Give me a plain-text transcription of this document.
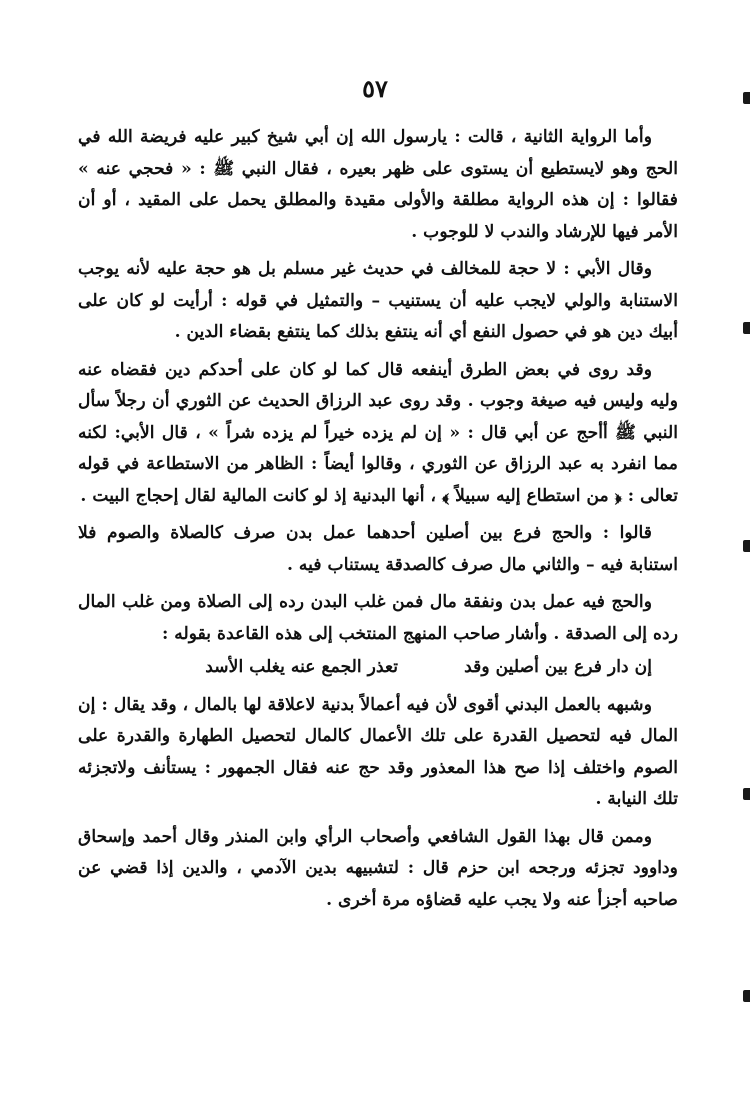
٥٧

وأما الرواية الثانية ، قالت : يارسول الله إن أبي شيخ كبير عليه فريضة الله في الحج وهو لايستطيع أن يستوى على ظهر بعيره ، فقال النبي ﷺ : « فحجي عنه » فقالوا : إن هذه الرواية مطلقة والأولى مقيدة والمطلق يحمل على المقيد ، أو أن الأمر فيها للإرشاد والندب لا للوجوب .

وقال الأبي : لا حجة للمخالف في حديث غير مسلم بل هو حجة عليه لأنه يوجب الاستنابة والولي لايجب عليه أن يستنيب – والتمثيل في قوله : أرأيت لو كان على أبيك دين هو في حصول النفع أي أنه ينتفع بذلك كما ينتفع بقضاء الدين .

وقد روى في بعض الطرق أينفعه قال كما لو كان على أحدكم دين فقضاه عنه وليه وليس فيه صيغة وجوب . وقد روى عبد الرزاق الحديث عن الثوري أن رجلاً سأل النبي ﷺ أأحج عن أبي قال : « إن لم يزده خيراً لم يزده شراً » ، قال الأبي: لكنه مما انفرد به عبد الرزاق عن الثوري ، وقالوا أيضاً : الظاهر من الاستطاعة في قوله تعالى : ﴿ من استطاع إليه سبيلاً ﴾ ، أنها البدنية إذ لو كانت المالية لقال إحجاج البيت .

قالوا : والحج فرع بين أصلين أحدهما عمل بدن صرف كالصلاة والصوم فلا استنابة فيه – والثاني مال صرف كالصدقة يستناب فيه .

والحج فيه عمل بدن ونفقة مال فمن غلب البدن رده إلى الصلاة ومن غلب المال رده إلى الصدقة . وأشار صاحب المنهج المنتخب إلى هذه القاعدة بقوله :

إن دار فرع بين أصلين وقد
تعذر الجمع عنه يغلب الأسد

وشبهه بالعمل البدني أقوى لأن فيه أعمالاً بدنية لاعلاقة لها بالمال ، وقد يقال : إن المال فيه لتحصيل القدرة على تلك الأعمال كالمال لتحصيل الطهارة والقدرة على الصوم واختلف إذا صح هذا المعذور وقد حج عنه فقال الجمهور : يستأنف ولاتجزئه تلك النيابة .

وممن قال بهذا القول الشافعي وأصحاب الرأي وابن المنذر وقال أحمد وإسحاق وداوود تجزئه ورجحه ابن حزم قال : لتشبيهه بدين الآدمي ، والدين إذا قضي عن صاحبه أجزأ عنه ولا يجب عليه قضاؤه مرة أخرى .
